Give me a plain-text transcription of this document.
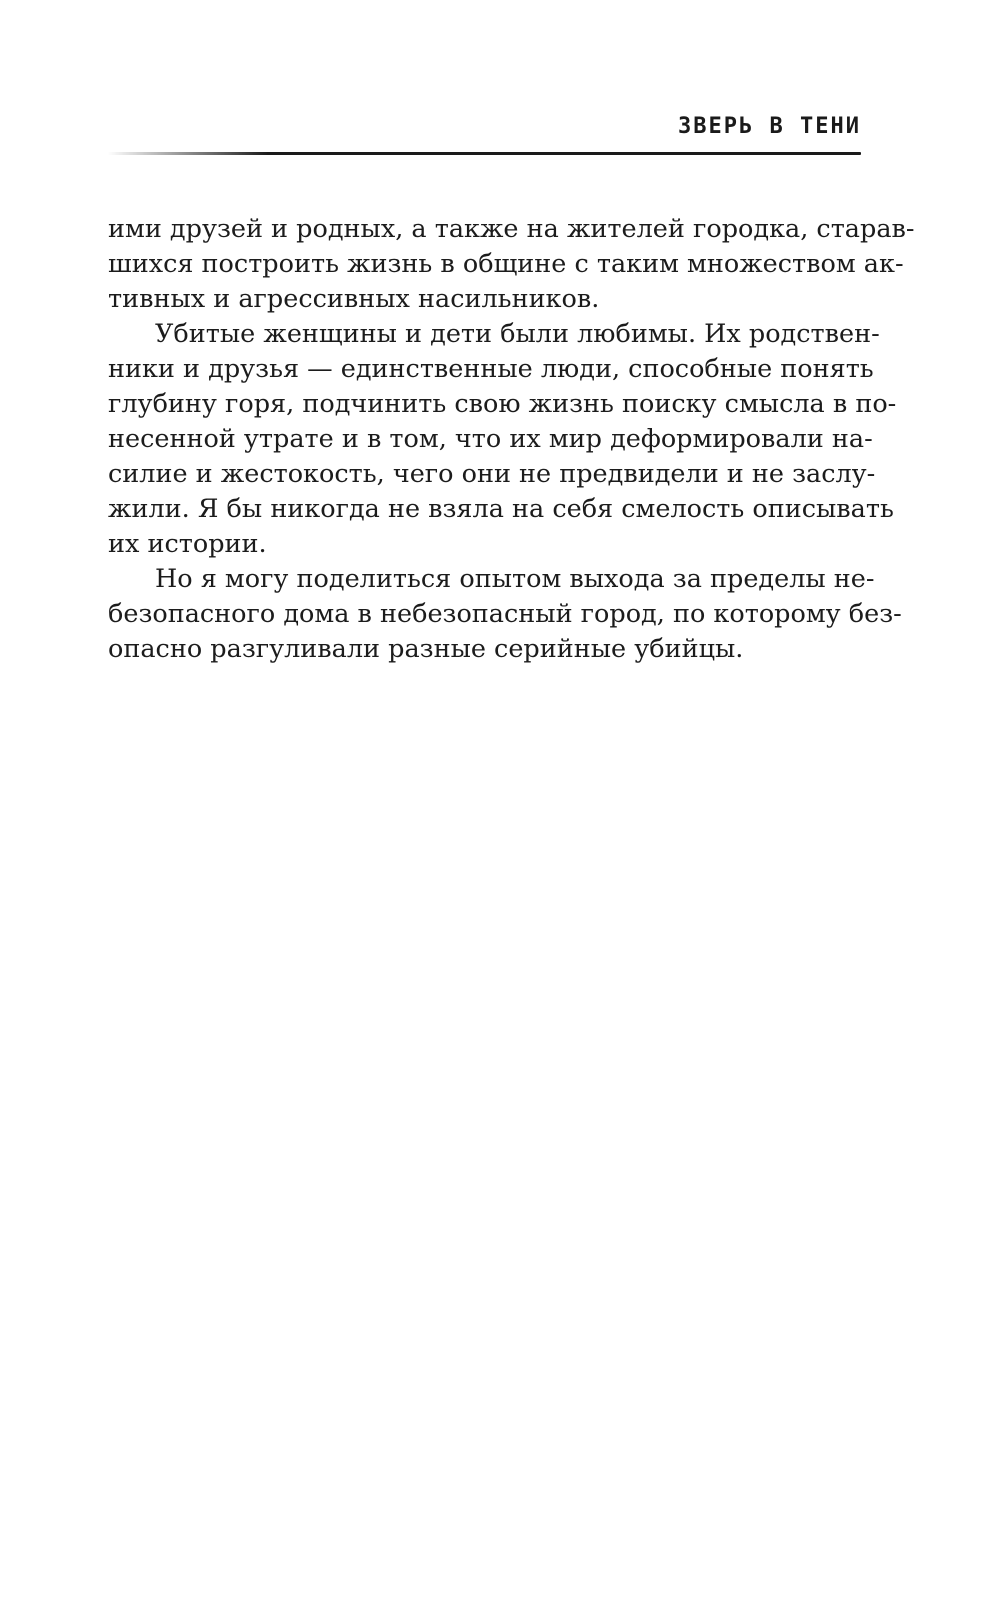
ЗВЕРЬ В ТЕНИ
ими друзей и родных, а также на жителей городка, старав-
шихся построить жизнь в общине с таким множеством ак-
тивных и агрессивных насильников.
Убитые женщины и дети были любимы. Их родствен-
ники и друзья — единственные люди, способные понять
глубину горя, подчинить свою жизнь поиску смысла в по-
несенной утрате и в том, что их мир деформировали на-
силие и жестокость, чего они не предвидели и не заслу-
жили. Я бы никогда не взяла на себя смелость описывать
их истории.
Но я могу поделиться опытом выхода за пределы не-
безопасного дома в небезопасный город, по которому без-
опасно разгуливали разные серийные убийцы.
